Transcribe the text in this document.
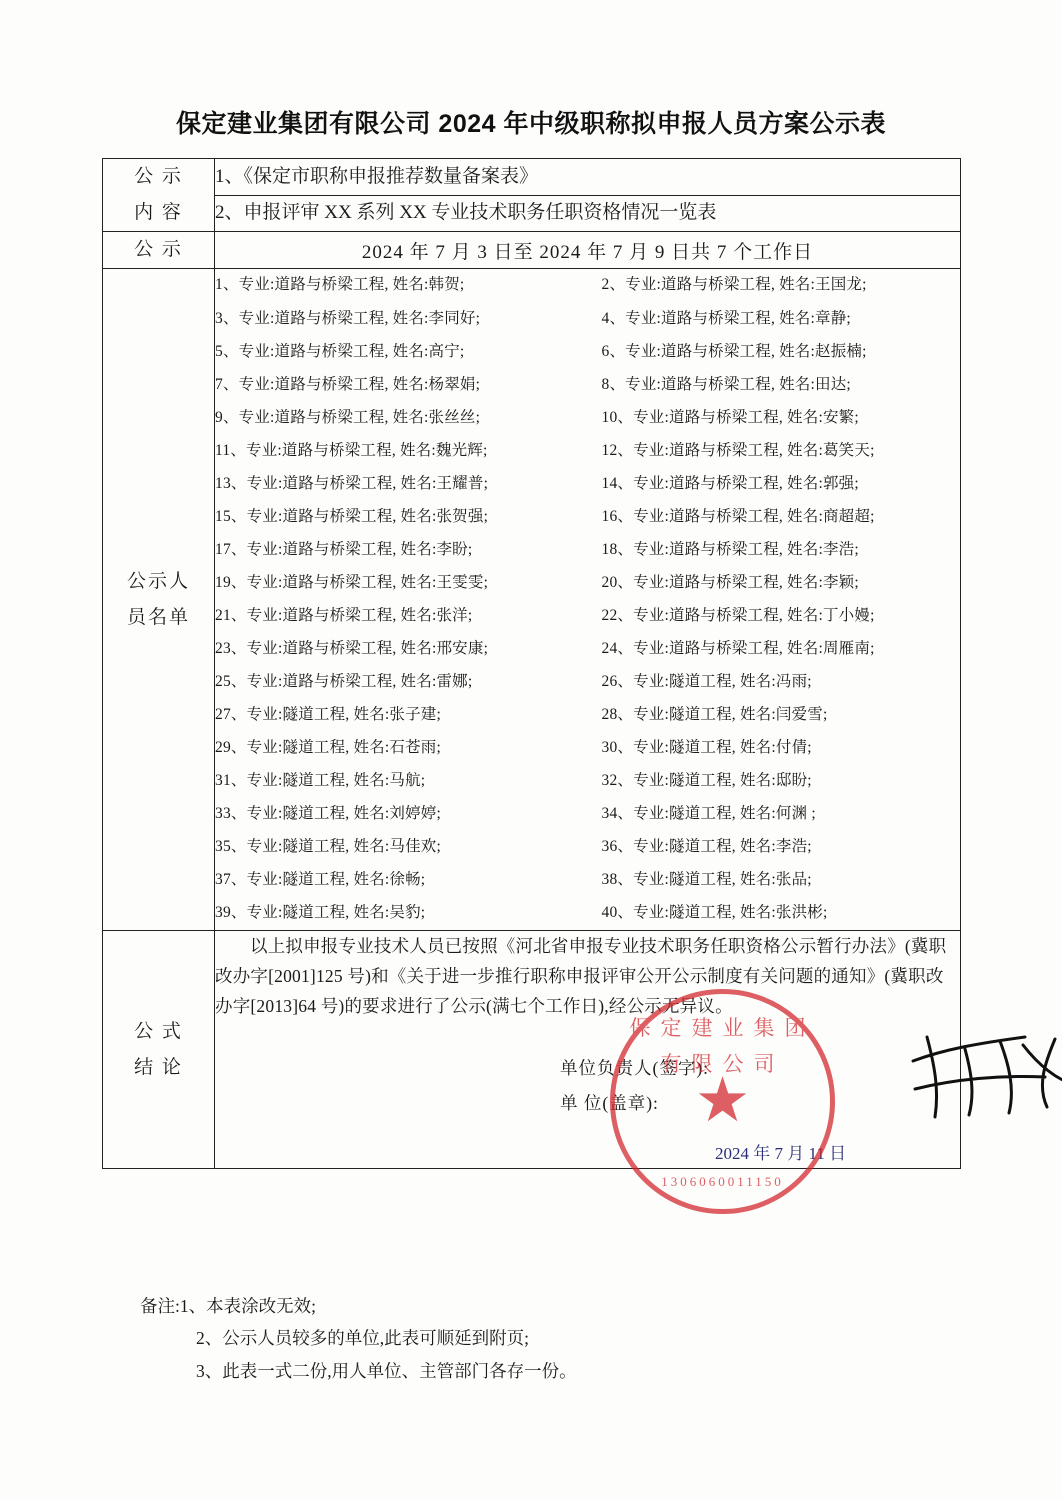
保定建业集团有限公司 2024 年中级职称拟申报人员方案公示表
公 示
内 容	1、《保定市职称申报推荐数量备案表》
	2、申报评审 XX 系列 XX 专业技术职务任职资格情况一览表
公 示	2024 年 7 月 3 日至 2024 年 7 月 9 日共 7 个工作日

公示人
员名单

1、专业:道路与桥梁工程, 姓名:韩贺;	2、专业:道路与桥梁工程, 姓名:王国龙;
3、专业:道路与桥梁工程, 姓名:李同好;	4、专业:道路与桥梁工程, 姓名:章静;
5、专业:道路与桥梁工程, 姓名:高宁;	6、专业:道路与桥梁工程, 姓名:赵振楠;
7、专业:道路与桥梁工程, 姓名:杨翠娟;	8、专业:道路与桥梁工程, 姓名:田达;
9、专业:道路与桥梁工程, 姓名:张丝丝;	10、专业:道路与桥梁工程, 姓名:安繁;
11、专业:道路与桥梁工程, 姓名:魏光辉;	12、专业:道路与桥梁工程, 姓名:葛笑天;
13、专业:道路与桥梁工程, 姓名:王耀普;	14、专业:道路与桥梁工程, 姓名:郭强;
15、专业:道路与桥梁工程, 姓名:张贺强;	16、专业:道路与桥梁工程, 姓名:商超超;
17、专业:道路与桥梁工程, 姓名:李盼;	18、专业:道路与桥梁工程, 姓名:李浩;
19、专业:道路与桥梁工程, 姓名:王雯雯;	20、专业:道路与桥梁工程, 姓名:李颖;
21、专业:道路与桥梁工程, 姓名:张洋;	22、专业:道路与桥梁工程, 姓名:丁小嫚;
23、专业:道路与桥梁工程, 姓名:邢安康;	24、专业:道路与桥梁工程, 姓名:周雁南;
25、专业:道路与桥梁工程, 姓名:雷娜;	26、专业:隧道工程, 姓名:冯雨;
27、专业:隧道工程, 姓名:张子建;	28、专业:隧道工程, 姓名:闫爱雪;
29、专业:隧道工程, 姓名:石苍雨;	30、专业:隧道工程, 姓名:付倩;
31、专业:隧道工程, 姓名:马航;	32、专业:隧道工程, 姓名:邸盼;
33、专业:隧道工程, 姓名:刘婷婷;	34、专业:隧道工程, 姓名:何渊 ;
35、专业:隧道工程, 姓名:马佳欢;	36、专业:隧道工程, 姓名:李浩;
37、专业:隧道工程, 姓名:徐畅;	38、专业:隧道工程, 姓名:张品;
39、专业:隧道工程, 姓名:吴豹;	40、专业:隧道工程, 姓名:张洪彬;

公 式
结 论

以上拟申报专业技术人员已按照《河北省申报专业技术职务任职资格公示暂行办法》(冀职改办字[2001]125 号)和《关于进一步推行职称申报评审公开公示制度有关问题的通知》(冀职改办字[2013]64 号)的要求进行了公示(满七个工作日),经公示无异议。

保定建业集团有限公司
★
1306060011150
单位负责人(签字):
单 位(盖章):
2024 年 7 月 11 日
备注:1、本表涂改无效;
2、公示人员较多的单位,此表可顺延到附页;
3、此表一式二份,用人单位、主管部门各存一份。
